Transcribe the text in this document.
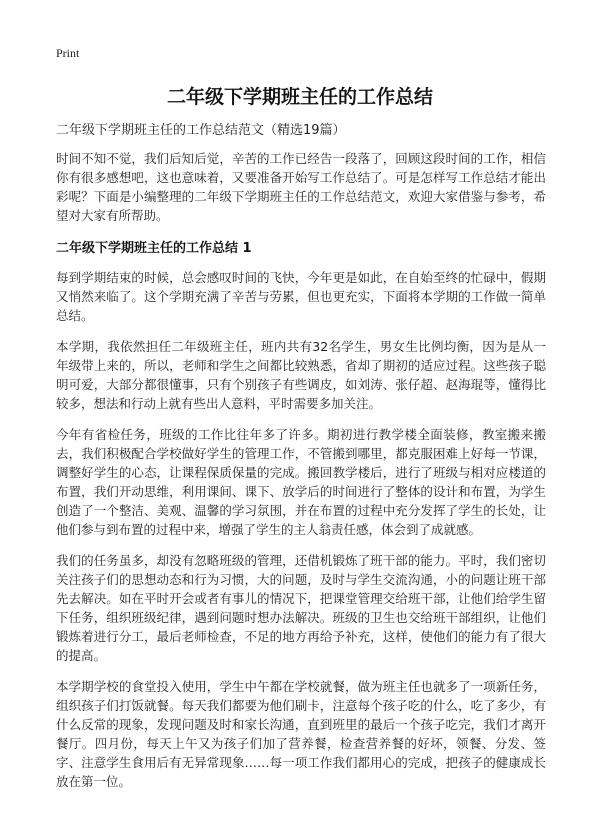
Print
二年级下学期班主任的工作总结
二年级下学期班主任的工作总结范文（精选19篇）

时间不知不觉，我们后知后觉，辛苦的工作已经告一段落了，回顾这段时间的工作，相信你有很多感想吧，这也意味着，又要准备开始写工作总结了。可是怎样写工作总结才能出彩呢？下面是小编整理的二年级下学期班主任的工作总结范文，欢迎大家借鉴与参考，希望对大家有所帮助。

二年级下学期班主任的工作总结 1

每到学期结束的时候，总会感叹时间的飞快，今年更是如此，在自始至终的忙碌中，假期又悄然来临了。这个学期充满了辛苦与劳累，但也更充实，下面将本学期的工作做一简单总结。

本学期，我依然担任二年级班主任，班内共有32名学生，男女生比例均衡，因为是从一年级带上来的，所以，老师和学生之间都比较熟悉，省却了期初的适应过程。这些孩子聪明可爱，大部分都很懂事，只有个别孩子有些调皮，如刘涛、张仔超、赵海琨等，懂得比较多，想法和行动上就有些出人意料，平时需要多加关注。

今年有省检任务，班级的工作比往年多了许多。期初进行教学楼全面装修，教室搬来搬去，我们积极配合学校做好学生的管理工作，不管搬到哪里，都克服困难上好每一节课，调整好学生的心态，让课程保质保量的完成。搬回教学楼后，进行了班级与相对应楼道的布置，我们开动思维，利用课间、课下、放学后的时间进行了整体的设计和布置，为学生创造了一个整洁、美观、温馨的学习氛围，并在布置的过程中充分发挥了学生的长处，让他们参与到布置的过程中来，增强了学生的主人翁责任感，体会到了成就感。

我们的任务虽多，却没有忽略班级的管理，还借机锻炼了班干部的能力。平时，我们密切关注孩子们的思想动态和行为习惯，大的问题，及时与学生交流沟通，小的问题让班干部先去解决。如在平时开会或者有事儿的情况下，把课堂管理交给班干部，让他们给学生留下任务，组织班级纪律，遇到问题时想办法解决。班级的卫生也交给班干部组织，让他们锻炼着进行分工，最后老师检查，不足的地方再给予补充，这样，使他们的能力有了很大的提高。

本学期学校的食堂投入使用，学生中午都在学校就餐，做为班主任也就多了一项新任务，组织孩子们打饭就餐。每天我们都要为他们刷卡，注意每个孩子吃的什么，吃了多少，有什么反常的现象，发现问题及时和家长沟通，直到班里的最后一个孩子吃完，我们才离开餐厅。四月份，每天上午又为孩子们加了营养餐，检查营养餐的好坏，领餐、分发、签字、注意学生食用后有无异常现象……每一项工作我们都用心的完成，把孩子的健康成长放在第一位。
